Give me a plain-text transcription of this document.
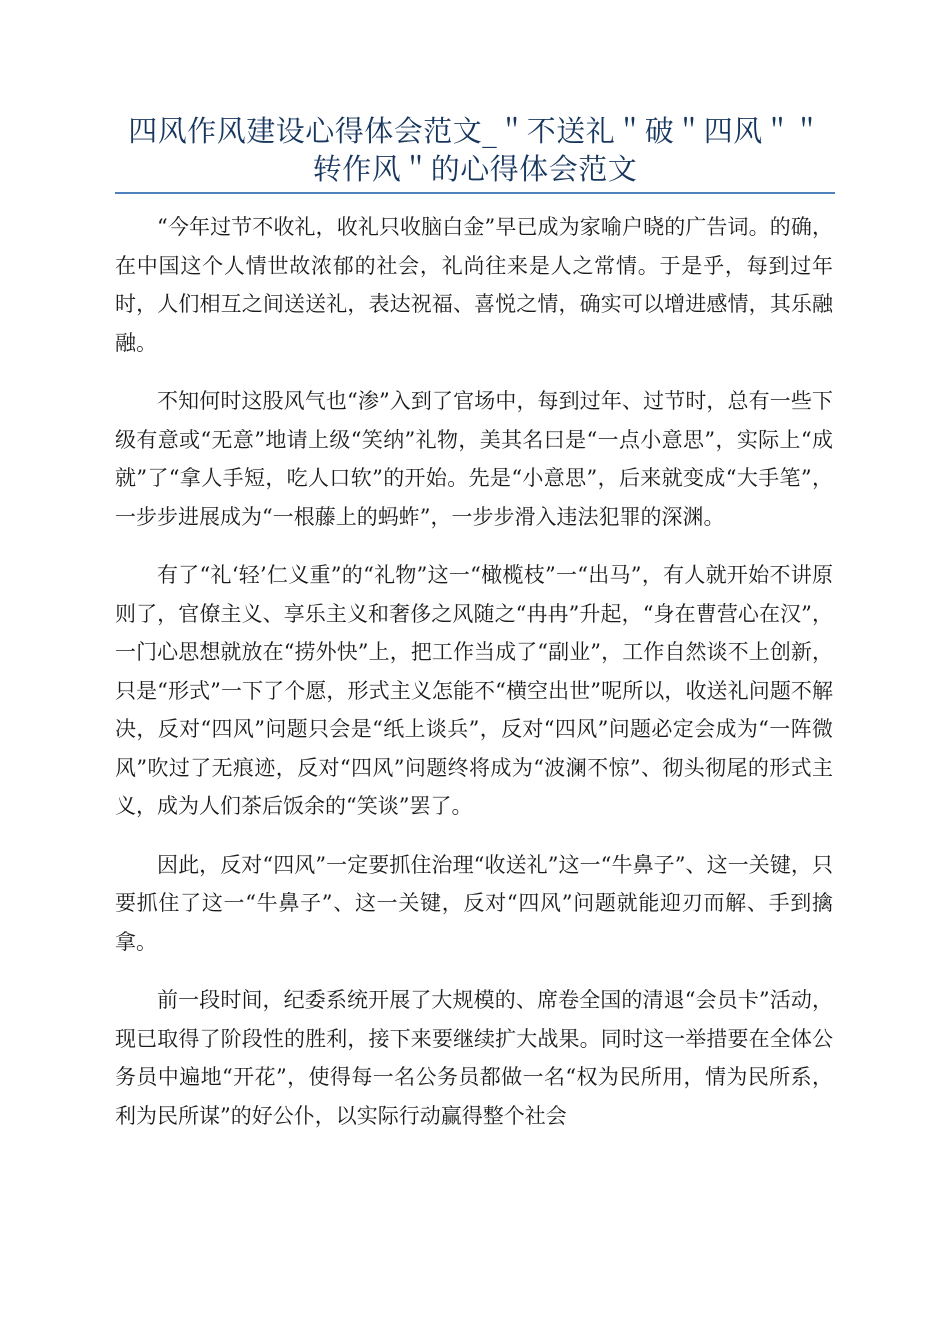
四风作风建设心得体会范文_＂不送礼＂破＂四风＂＂转作风＂的心得体会范文

“今年过节不收礼，收礼只收脑白金”早已成为家喻户晓的广告词。的确，在中国这个人情世故浓郁的社会，礼尚往来是人之常情。于是乎，每到过年时，人们相互之间送送礼，表达祝福、喜悦之情，确实可以增进感情，其乐融融。

不知何时这股风气也“渗”入到了官场中，每到过年、过节时，总有一些下级有意或“无意”地请上级“笑纳”礼物，美其名曰是“一点小意思”，实际上“成就”了“拿人手短，吃人口软”的开始。先是“小意思”，后来就变成“大手笔”，一步步进展成为“一根藤上的蚂蚱”，一步步滑入违法犯罪的深渊。

有了“礼‘轻’仁义重”的“礼物”这一“橄榄枝”一“出马”，有人就开始不讲原则了，官僚主义、享乐主义和奢侈之风随之“冉冉”升起，“身在曹营心在汉”，一门心思想就放在“捞外快”上，把工作当成了“副业”，工作自然谈不上创新，只是“形式”一下了个愿，形式主义怎能不“横空出世”呢所以，收送礼问题不解决，反对“四风”问题只会是“纸上谈兵”，反对“四风”问题必定会成为“一阵微风”吹过了无痕迹，反对“四风”问题终将成为“波澜不惊”、彻头彻尾的形式主义，成为人们茶后饭余的“笑谈”罢了。

因此，反对“四风”一定要抓住治理“收送礼”这一“牛鼻子”、这一关键，只要抓住了这一“牛鼻子”、这一关键，反对“四风”问题就能迎刃而解、手到擒拿。

前一段时间，纪委系统开展了大规模的、席卷全国的清退“会员卡”活动，现已取得了阶段性的胜利，接下来要继续扩大战果。同时这一举措要在全体公务员中遍地“开花”，使得每一名公务员都做一名“权为民所用，情为民所系，利为民所谋”的好公仆，以实际行动赢得整个社会
